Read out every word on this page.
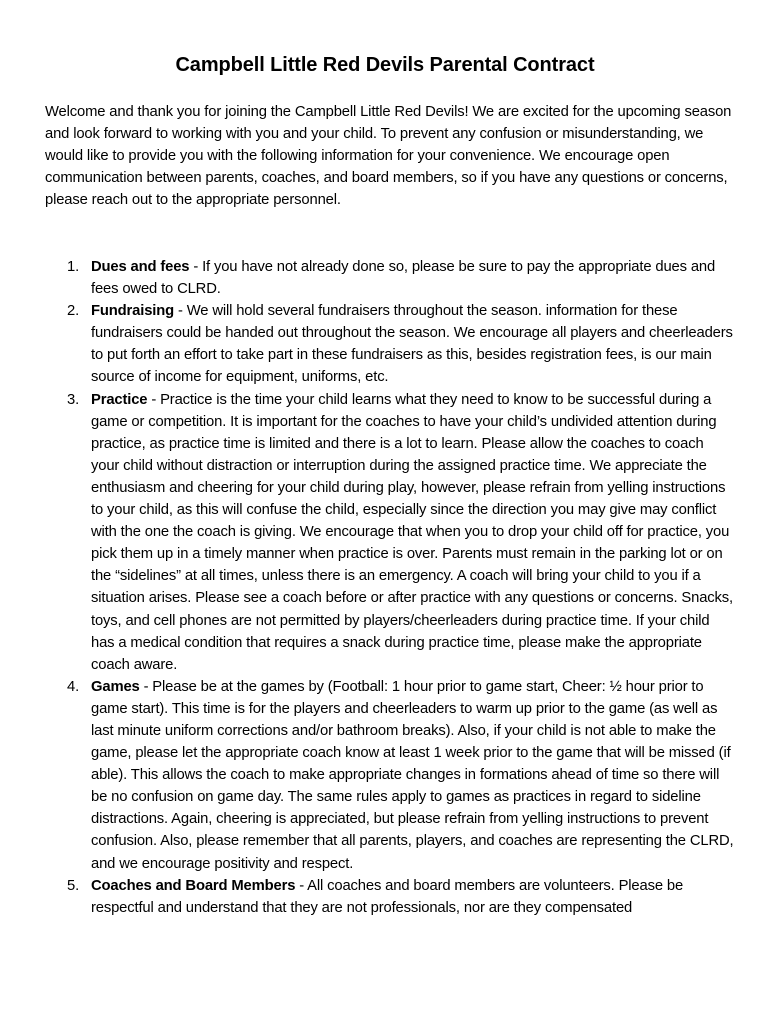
Campbell Little Red Devils Parental Contract

Welcome and thank you for joining the Campbell Little Red Devils! We are excited for the upcoming season and look forward to working with you and your child. To prevent any confusion or misunderstanding, we would like to provide you with the following information for your convenience. We encourage open communication between parents, coaches, and board members, so if you have any questions or concerns, please reach out to the appropriate personnel.

1. Dues and fees - If you have not already done so, please be sure to pay the appropriate dues and fees owed to CLRD.
2. Fundraising - We will hold several fundraisers throughout the season. information for these fundraisers could be handed out throughout the season. We encourage all players and cheerleaders to put forth an effort to take part in these fundraisers as this, besides registration fees, is our main source of income for equipment, uniforms, etc.
3. Practice - Practice is the time your child learns what they need to know to be successful during a game or competition. It is important for the coaches to have your child’s undivided attention during practice, as practice time is limited and there is a lot to learn. Please allow the coaches to coach your child without distraction or interruption during the assigned practice time. We appreciate the enthusiasm and cheering for your child during play, however, please refrain from yelling instructions to your child, as this will confuse the child, especially since the direction you may give may conflict with the one the coach is giving. We encourage that when you to drop your child off for practice, you pick them up in a timely manner when practice is over. Parents must remain in the parking lot or on the “sidelines” at all times, unless there is an emergency. A coach will bring your child to you if a situation arises. Please see a coach before or after practice with any questions or concerns. Snacks, toys, and cell phones are not permitted by players/cheerleaders during practice time. If your child has a medical condition that requires a snack during practice time, please make the appropriate coach aware.
4. Games - Please be at the games by (Football: 1 hour prior to game start, Cheer: ½ hour prior to game start). This time is for the players and cheerleaders to warm up prior to the game (as well as last minute uniform corrections and/or bathroom breaks). Also, if your child is not able to make the game, please let the appropriate coach know at least 1 week prior to the game that will be missed (if able). This allows the coach to make appropriate changes in formations ahead of time so there will be no confusion on game day. The same rules apply to games as practices in regard to sideline distractions. Again, cheering is appreciated, but please refrain from yelling instructions to prevent confusion. Also, please remember that all parents, players, and coaches are representing the CLRD, and we encourage positivity and respect.
5. Coaches and Board Members - All coaches and board members are volunteers. Please be respectful and understand that they are not professionals, nor are they compensated
